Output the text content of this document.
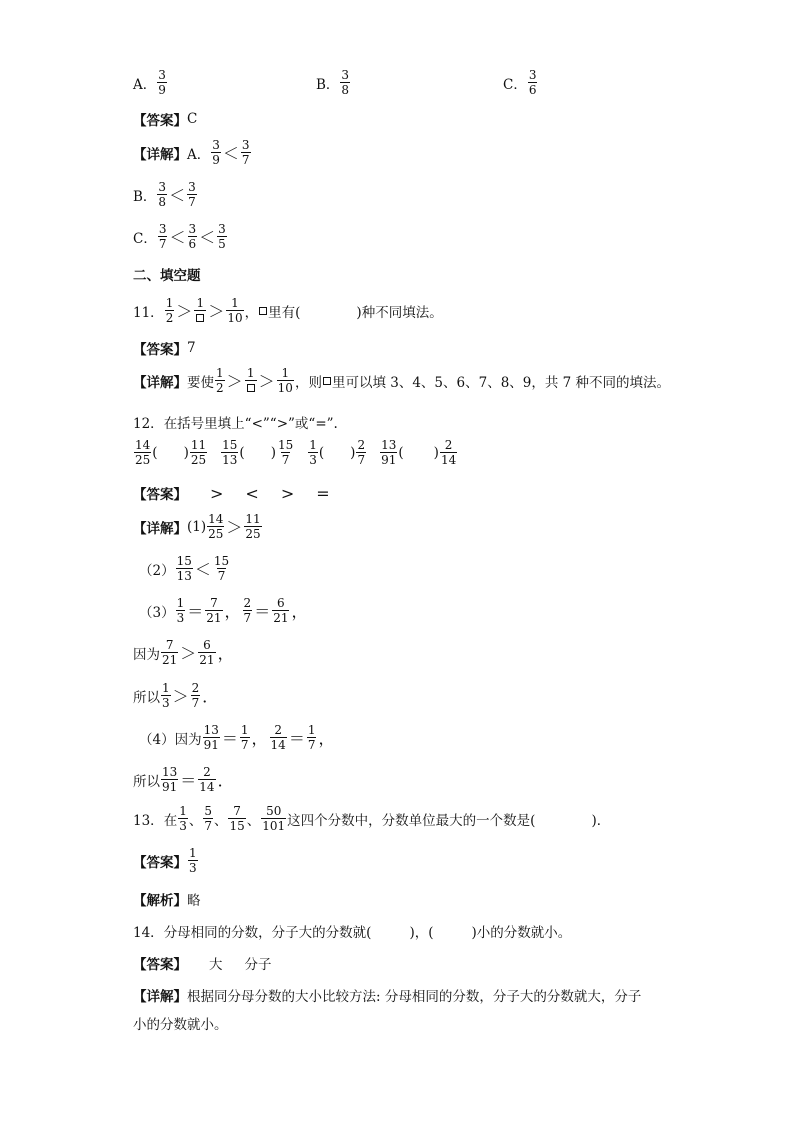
A． $\frac{3}{9}$	B． $\frac{3}{8}$	C． $\frac{3}{6}$
【答案】 C
【详解】 A． $\frac{3}{9} < \frac{3}{7}$
B． $\frac{3}{8} < \frac{3}{7}$
C． $\frac{3}{7} < \frac{3}{6} < \frac{3}{5}$
二、填空题
11． $\frac{1}{2} > 1 > \frac{1}{10}$ ， 里有(	)种不同填法。
【答案】 7
【详解】 要使 $\frac{1}{2} > 1 > \frac{1}{10}$ ，则 里可以填 3、4、5、6、7、8、9，共 7 种不同的填法。
12． 在括号里填上“<”“>”或“=”.
$\frac{14}{25}$ ( ) $\frac{11}{25} \frac{15}{13}$ ( ) $\frac{15}{7} \frac{1}{3}$ ( ) $\frac{2}{7} \frac{13}{91}$ ( ) $\frac{2}{14}$
【答案】 > < > =
【详解】 $(1) \frac{14}{25} > \frac{11}{25}$
$(2) \frac{15}{13} < \frac{15}{7}$
$(3) \frac{1}{3} = \frac{7}{21}$ ， $\frac{2}{7} = \frac{6}{21}$ ，
因为 $\frac{7}{21} > \frac{6}{21}$ ，
所以 $\frac{1}{3} > \frac{2}{7}$ ．
（4）因为 $\frac{13}{91} = \frac{1}{7}$ ， $\frac{2}{14} = \frac{1}{7}$ ，
所以 $\frac{13}{91} = \frac{2}{14}$ ．
13． 在 $\frac{1}{3}$ 、 $\frac{5}{7}$ 、 $\frac{7}{15}$ 、 $\frac{50}{101}$ 这四个分数中，分数单位最大的一个数是(	)．
【答案】 $\frac{1}{3}$
【解析】 略
14． 分母相同的分数，分子大的分数就(	)，(	)小的分数就小。
【答案】 大 分子
【详解】 根据同分母分数的大小比较方法: 分母相同的分数，分子大的分数就大，分子
小的分数就小。
